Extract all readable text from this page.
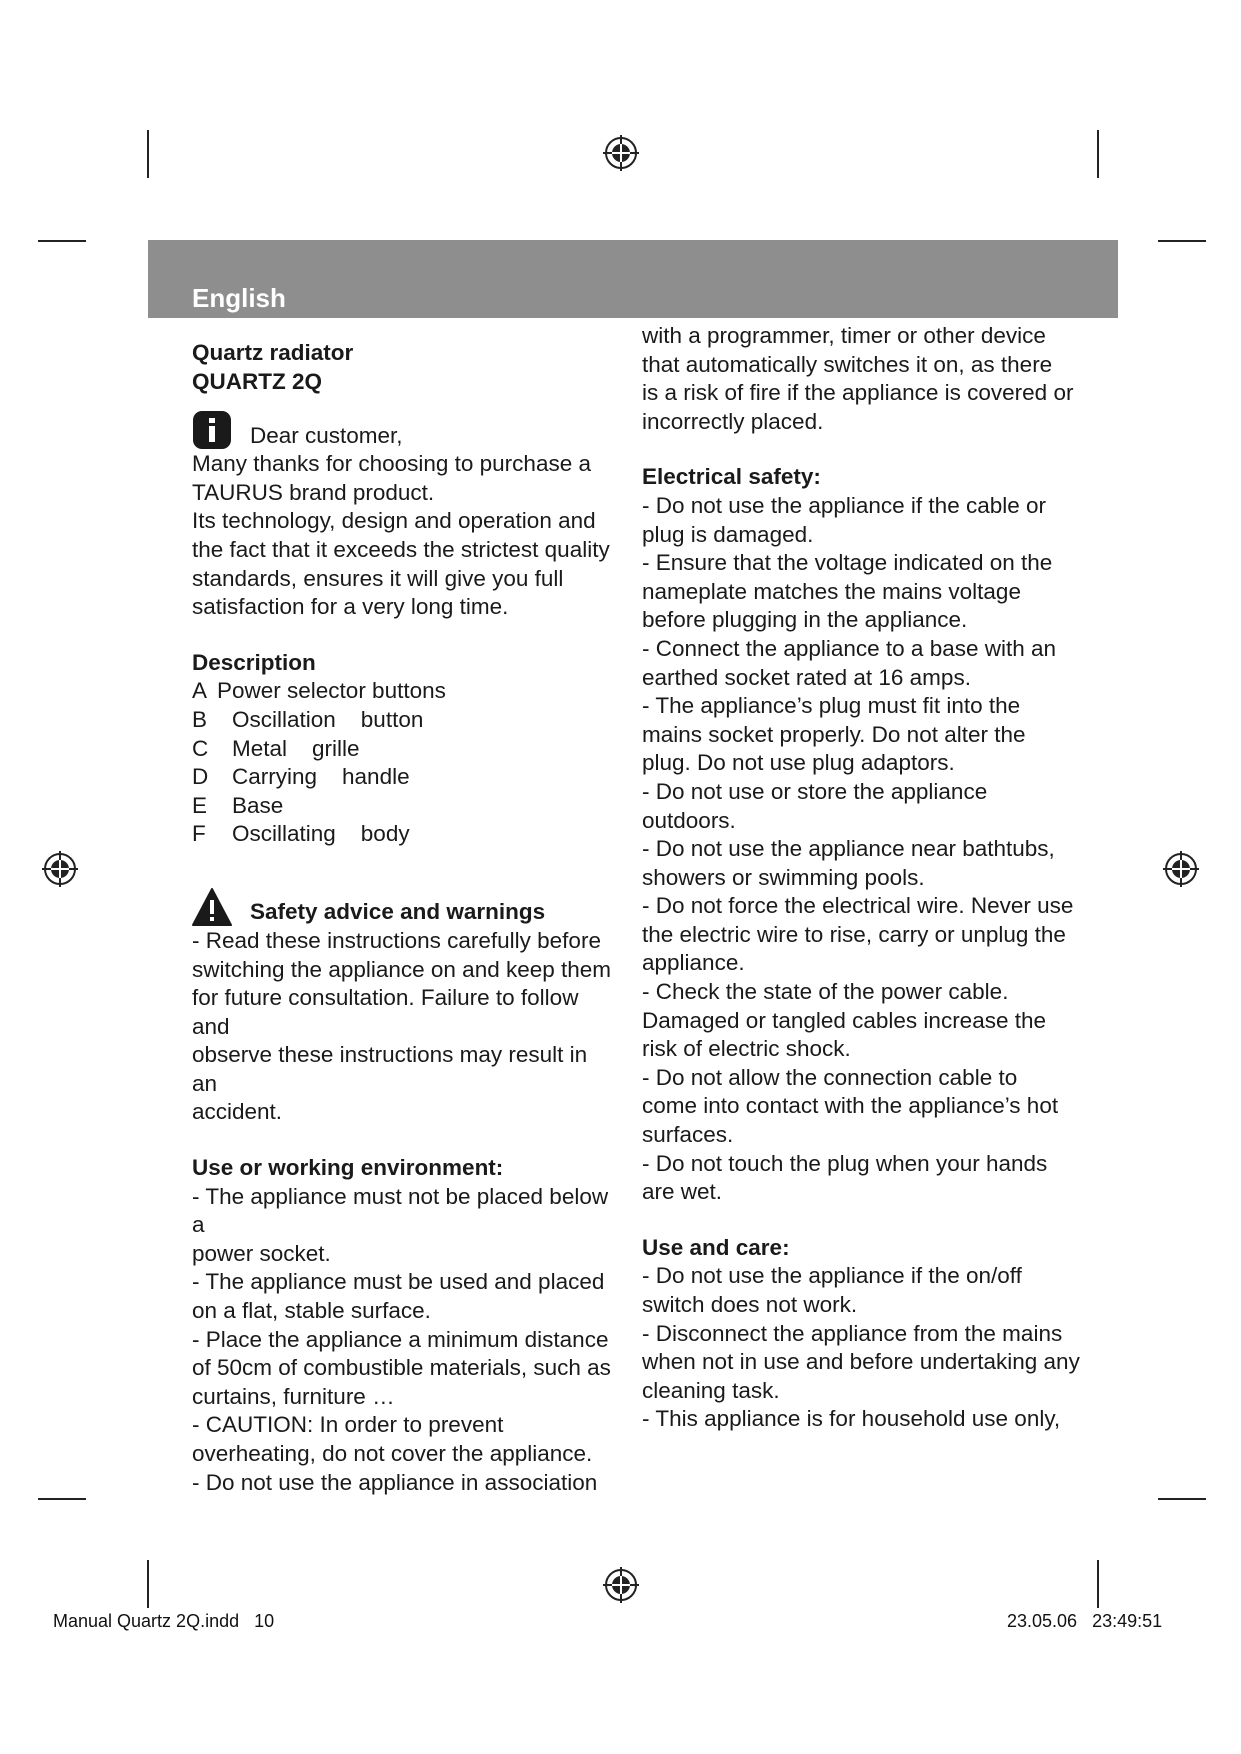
English

Quartz radiator

QUARTZ 2Q

Dear customer,

Many thanks for choosing to purchase a

TAURUS brand product.

Its technology, design and operation and

the fact that it exceeds the strictest quality

standards, ensures it will give you full

satisfaction for a very long time.

Description

A Power selector buttons
B	Oscillation    button
C	Metal    grille
D	Carrying    handle
E	Base
F	Oscillating    body
Safety advice and warnings

- Read these instructions carefully before

switching the appliance on and keep them

for future consultation. Failure to follow and

observe these instructions may result in an

accident.

Use or working environment:

- The appliance must not be placed below a

power socket.

- The appliance must be used and placed

on a flat, stable surface.

- Place the appliance a minimum distance

of 50cm of combustible materials, such as

curtains, furniture …

- CAUTION: In order to prevent

overheating, do not cover the appliance.

- Do not use the appliance in association

with a programmer, timer or other device

that automatically switches it on, as there

is a risk of fire if the appliance is covered or

incorrectly placed.

Electrical safety:

- Do not use the appliance if the cable or

plug is damaged.

- Ensure that the voltage indicated on the

nameplate matches the mains voltage

before plugging in the appliance.

- Connect the appliance to a base with an

earthed socket rated at 16 amps.

- The appliance’s plug must fit into the

mains socket properly. Do not alter the

plug. Do not use plug adaptors.

- Do not use or store the appliance

outdoors.

- Do not use the appliance near bathtubs,

showers or swimming pools.

- Do not force the electrical wire. Never use

the electric wire to rise, carry or unplug the

appliance.

- Check the state of the power cable.

Damaged or tangled cables increase the

risk of electric shock.

- Do not allow the connection cable to

come into contact with the appliance’s hot

surfaces.

- Do not touch the plug when your hands

are wet.

Use and care:

- Do not use the appliance if the on/off

switch does not work.

- Disconnect the appliance from the mains

when not in use and before undertaking any

cleaning task.

- This appliance is for household use only,

Manual Quartz 2Q.indd 10	23.05.06 23:49:51
